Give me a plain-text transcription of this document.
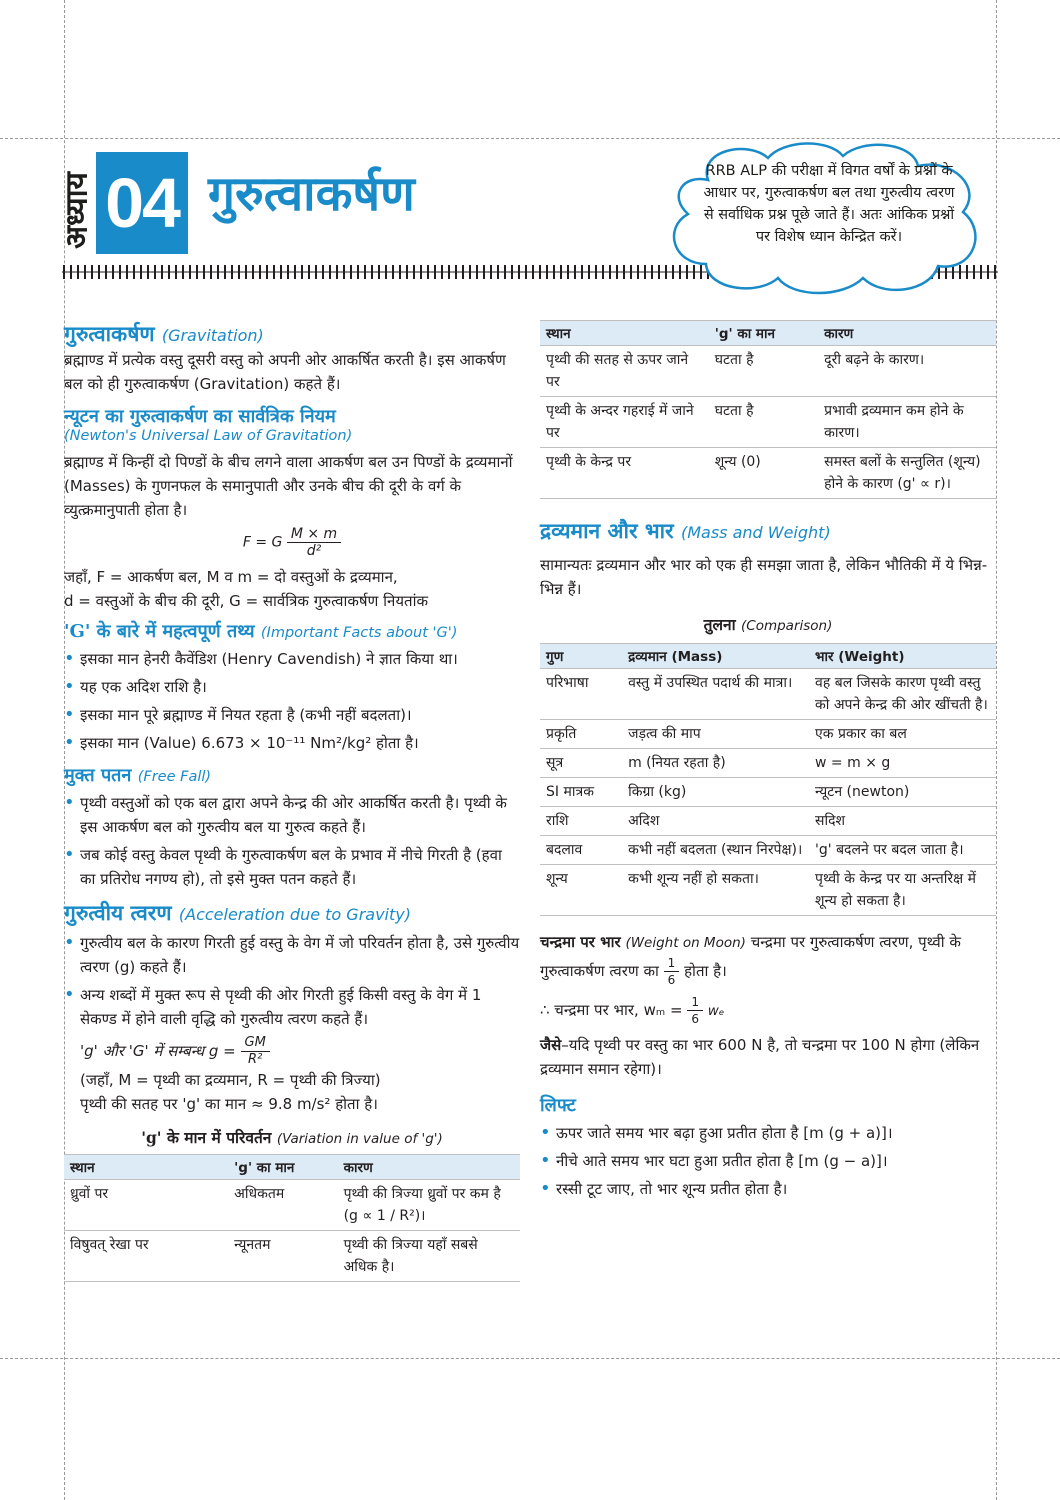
अध्याय 04 गुरुत्वाकर्षण	RRB ALP की परीक्षा में विगत वर्षों के प्रश्नों के आधार पर, गुरुत्वाकर्षण बल तथा गुरुत्वीय त्वरण से सर्वाधिक प्रश्न पूछे जाते हैं। अतः आंकिक प्रश्नों पर विशेष ध्यान केन्द्रित करें।
गुरुत्वाकर्षण (Gravitation)
ब्रह्माण्ड में प्रत्येक वस्तु दूसरी वस्तु को अपनी ओर आकर्षित करती है। इस आकर्षण बल को ही गुरुत्वाकर्षण (Gravitation) कहते हैं।
न्यूटन का गुरुत्वाकर्षण का सार्वत्रिक नियम
(Newton's Universal Law of Gravitation)
ब्रह्माण्ड में किन्हीं दो पिण्डों के बीच लगने वाला आकर्षण बल उन पिण्डों के द्रव्यमानों (Masses) के गुणनफल के समानुपाती और उनके बीच की दूरी के वर्ग के व्युत्क्रमानुपाती होता है।
F = G $\frac{M \times m}{\text{d²}}$
जहाँ, F = आकर्षण बल, M व m = दो वस्तुओं के द्रव्यमान,
d = वस्तुओं के बीच की दूरी, G = सार्वत्रिक गुरुत्वाकर्षण नियतांक
'G' के बारे में महत्वपूर्ण तथ्य (Important Facts about 'G')
• इसका मान हेनरी कैवेंडिश (Henry Cavendish) ने ज्ञात किया था।
• यह एक अदिश राशि है।
• इसका मान पूरे ब्रह्माण्ड में नियत रहता है (कभी नहीं बदलता)।
• इसका मान (Value) 6.673 × 10⁻¹¹ Nm²/kg² होता है।
मुक्त पतन (Free Fall)
• पृथ्वी वस्तुओं को एक बल द्वारा अपने केन्द्र की ओर आकर्षित करती है। पृथ्वी के इस आकर्षण बल को गुरुत्वीय बल या गुरुत्व कहते हैं।
• जब कोई वस्तु केवल पृथ्वी के गुरुत्वाकर्षण बल के प्रभाव में नीचे गिरती है (हवा का प्रतिरोध नगण्य हो), तो इसे मुक्त पतन कहते हैं।
गुरुत्वीय त्वरण (Acceleration due to Gravity)
• गुरुत्वीय बल के कारण गिरती हुई वस्तु के वेग में जो परिवर्तन होता है, उसे गुरुत्वीय त्वरण (g) कहते हैं।
• अन्य शब्दों में मुक्त रूप से पृथ्वी की ओर गिरती हुई किसी वस्तु के वेग में 1 सेकण्ड में होने वाली वृद्धि को गुरुत्वीय त्वरण कहते हैं।
'g' और 'G' में सम्बन्ध $g = \frac{GM}{\text{R²}}$
(जहाँ, M = पृथ्वी का द्रव्यमान, R = पृथ्वी की त्रिज्या)
पृथ्वी की सतह पर 'g' का मान ≈ 9.8 m/s² होता है।
'g' के मान में परिवर्तन (Variation in value of 'g')
स्थान	'g' का मान	कारण
ध्रुवों पर	अधिकतम	पृथ्वी की त्रिज्या ध्रुवों पर कम है (g ∝ 1 / R²)।
विषुवत् रेखा पर	न्यूनतम	पृथ्वी की त्रिज्या यहाँ सबसे अधिक है।
स्थान	'g' का मान	कारण
पृथ्वी की सतह से ऊपर जाने पर	घटता है	दूरी बढ़ने के कारण।
पृथ्वी के अन्दर गहराई में जाने पर	घटता है	प्रभावी द्रव्यमान कम होने के कारण।
पृथ्वी के केन्द्र पर	शून्य (0)	समस्त बलों के सन्तुलित (शून्य) होने के कारण (g' ∝ r)।
द्रव्यमान और भार (Mass and Weight)
सामान्यतः द्रव्यमान और भार को एक ही समझा जाता है, लेकिन भौतिकी में ये भिन्न-भिन्न हैं।
तुलना (Comparison)
गुण	द्रव्यमान (Mass)	भार (Weight)
परिभाषा	वस्तु में उपस्थित पदार्थ की मात्रा।	वह बल जिसके कारण पृथ्वी वस्तु को अपने केन्द्र की ओर खींचती है।
प्रकृति	जड़त्व की माप	एक प्रकार का बल
सूत्र	m (नियत रहता है)	w = m × g
SI मात्रक	किग्रा (kg)	न्यूटन (newton)
राशि	अदिश	सदिश
बदलाव	कभी नहीं बदलता (स्थान निरपेक्ष)।	'g' बदलने पर बदल जाता है।
शून्य	कभी शून्य नहीं हो सकता।	पृथ्वी के केन्द्र पर या अन्तरिक्ष में शून्य हो सकता है।
चन्द्रमा पर भार (Weight on Moon) चन्द्रमा पर गुरुत्वाकर्षण त्वरण, पृथ्वी के गुरुत्वाकर्षण त्वरण का $\frac{1}{6}$ होता है।
∴ चन्द्रमा पर भार, $w_m = \frac{1}{6}$ wₑ
जैसे–यदि पृथ्वी पर वस्तु का भार 600 N है, तो चन्द्रमा पर 100 N होगा (लेकिन द्रव्यमान समान रहेगा)।
लिफ्ट
• ऊपर जाते समय भार बढ़ा हुआ प्रतीत होता है [m (g + a)]।
• नीचे आते समय भार घटा हुआ प्रतीत होता है [m (g − a)]।
• रस्सी टूट जाए, तो भार शून्य प्रतीत होता है।
